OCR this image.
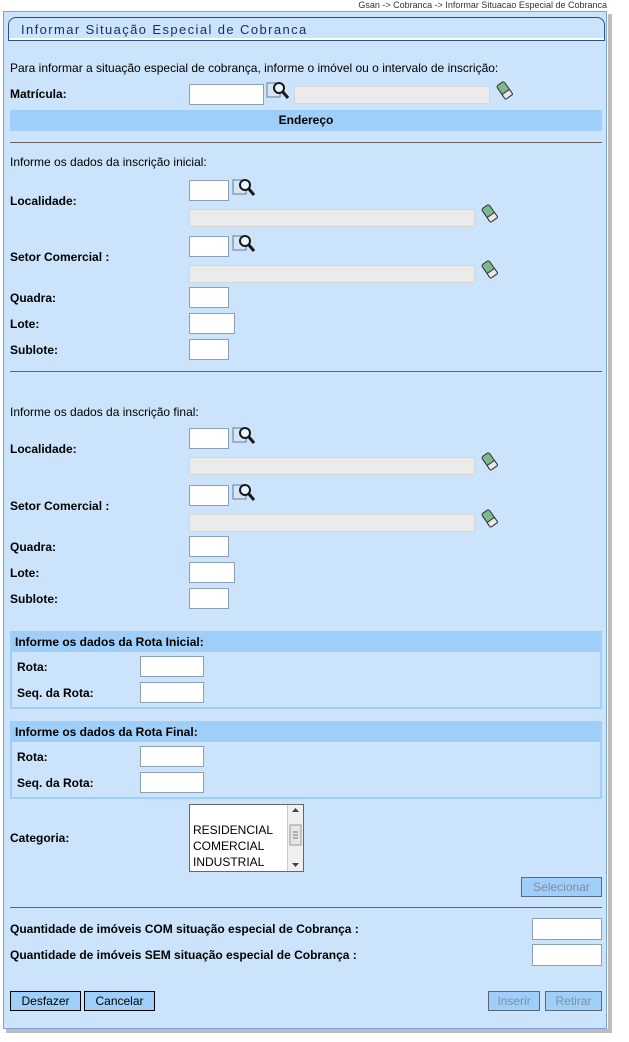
Gsan -> Cobranca -> Informar Situacao Especial de Cobranca
Informar Situação Especial de Cobranca
Para informar a situação especial de cobrança, informe o imóvel ou o intervalo de inscrição:
Matrícula:
Endereço
Informe os dados da inscrição inicial:
Localidade:
Setor Comercial :
Quadra:
Lote:
Sublote:
Informe os dados da inscrição final:
Localidade:
Setor Comercial :
Quadra:
Lote:
Sublote:
Informe os dados da Rota Inicial:
Rota:
Seq. da Rota:
Informe os dados da Rota Final:
Rota:
Seq. da Rota:
Categoria:
RESIDENCIAL
COMERCIAL
INDUSTRIAL
Selecionar
Quantidade de imóveis COM situação especial de Cobrança :
Quantidade de imóveis SEM situação especial de Cobrança :
Desfazer	Cancelar	Inserir	Retirar
